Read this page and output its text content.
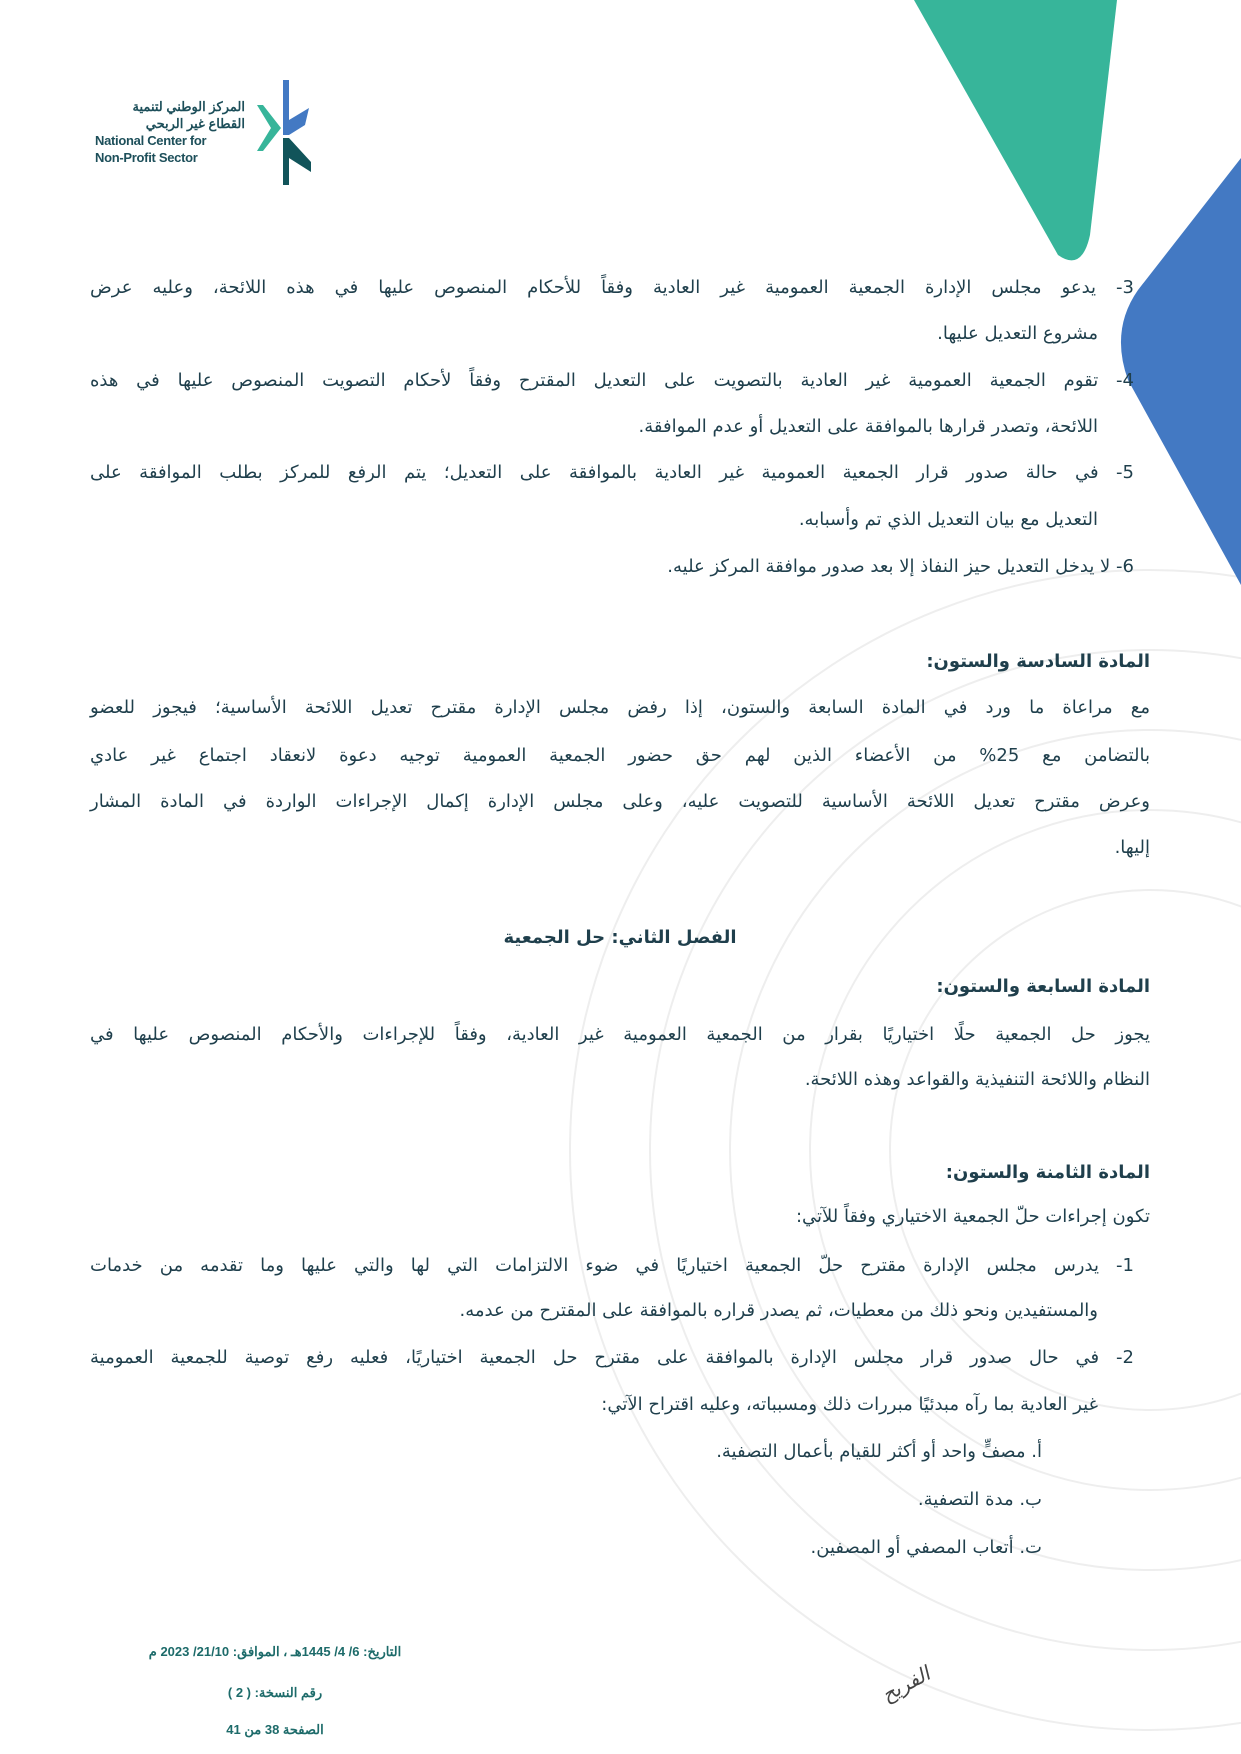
المركز الوطني لتنمية
القطاع غير الربحي
National Center for
Non-Profit Sector
3- يدعو مجلس الإدارة الجمعية العمومية غير العادية وفقاً للأحكام المنصوص عليها في هذه اللائحة، وعليه عرض
مشروع التعديل عليها.
4- تقوم الجمعية العمومية غير العادية بالتصويت على التعديل المقترح وفقاً لأحكام التصويت المنصوص عليها في هذه
اللائحة، وتصدر قرارها بالموافقة على التعديل أو عدم الموافقة.
5- في حالة صدور قرار الجمعية العمومية غير العادية بالموافقة على التعديل؛ يتم الرفع للمركز بطلب الموافقة على
التعديل مع بيان التعديل الذي تم وأسبابه.
6- لا يدخل التعديل حيز النفاذ إلا بعد صدور موافقة المركز عليه.
المادة السادسة والستون:
مع مراعاة ما ورد في المادة السابعة والستون، إذا رفض مجلس الإدارة مقترح تعديل اللائحة الأساسية؛ فيجوز للعضو
بالتضامن مع 25% من الأعضاء الذين لهم حق حضور الجمعية العمومية توجيه دعوة لانعقاد اجتماع غير عادي
وعرض مقترح تعديل اللائحة الأساسية للتصويت عليه، وعلى مجلس الإدارة إكمال الإجراءات الواردة في المادة المشار
إليها.
الفصل الثاني: حل الجمعية
المادة السابعة والستون:
يجوز حل الجمعية حلًا اختياريًا بقرار من الجمعية العمومية غير العادية، وفقاً للإجراءات والأحكام المنصوص عليها في
النظام واللائحة التنفيذية والقواعد وهذه اللائحة.
المادة الثامنة والستون:
تكون إجراءات حلّ الجمعية الاختياري وفقاً للآتي:
1- يدرس مجلس الإدارة مقترح حلّ الجمعية اختياريًا في ضوء الالتزامات التي لها والتي عليها وما تقدمه من خدمات
والمستفيدين ونحو ذلك من معطيات، ثم يصدر قراره بالموافقة على المقترح من عدمه.
2- في حال صدور قرار مجلس الإدارة بالموافقة على مقترح حل الجمعية اختياريًا، فعليه رفع توصية للجمعية العمومية
غير العادية بما رآه مبدئيًا مبررات ذلك ومسبباته، وعليه اقتراح الآتي:
أ. مصفٍّ واحد أو أكثر للقيام بأعمال التصفية.
ب. مدة التصفية.
ت. أتعاب المصفي أو المصفين.
التاريخ: 6/ 4/ 1445هـ ، الموافق: 21/10/ 2023 م
رقم النسخة: ( 2 )
الصفحة 38 من 41
الفريح
